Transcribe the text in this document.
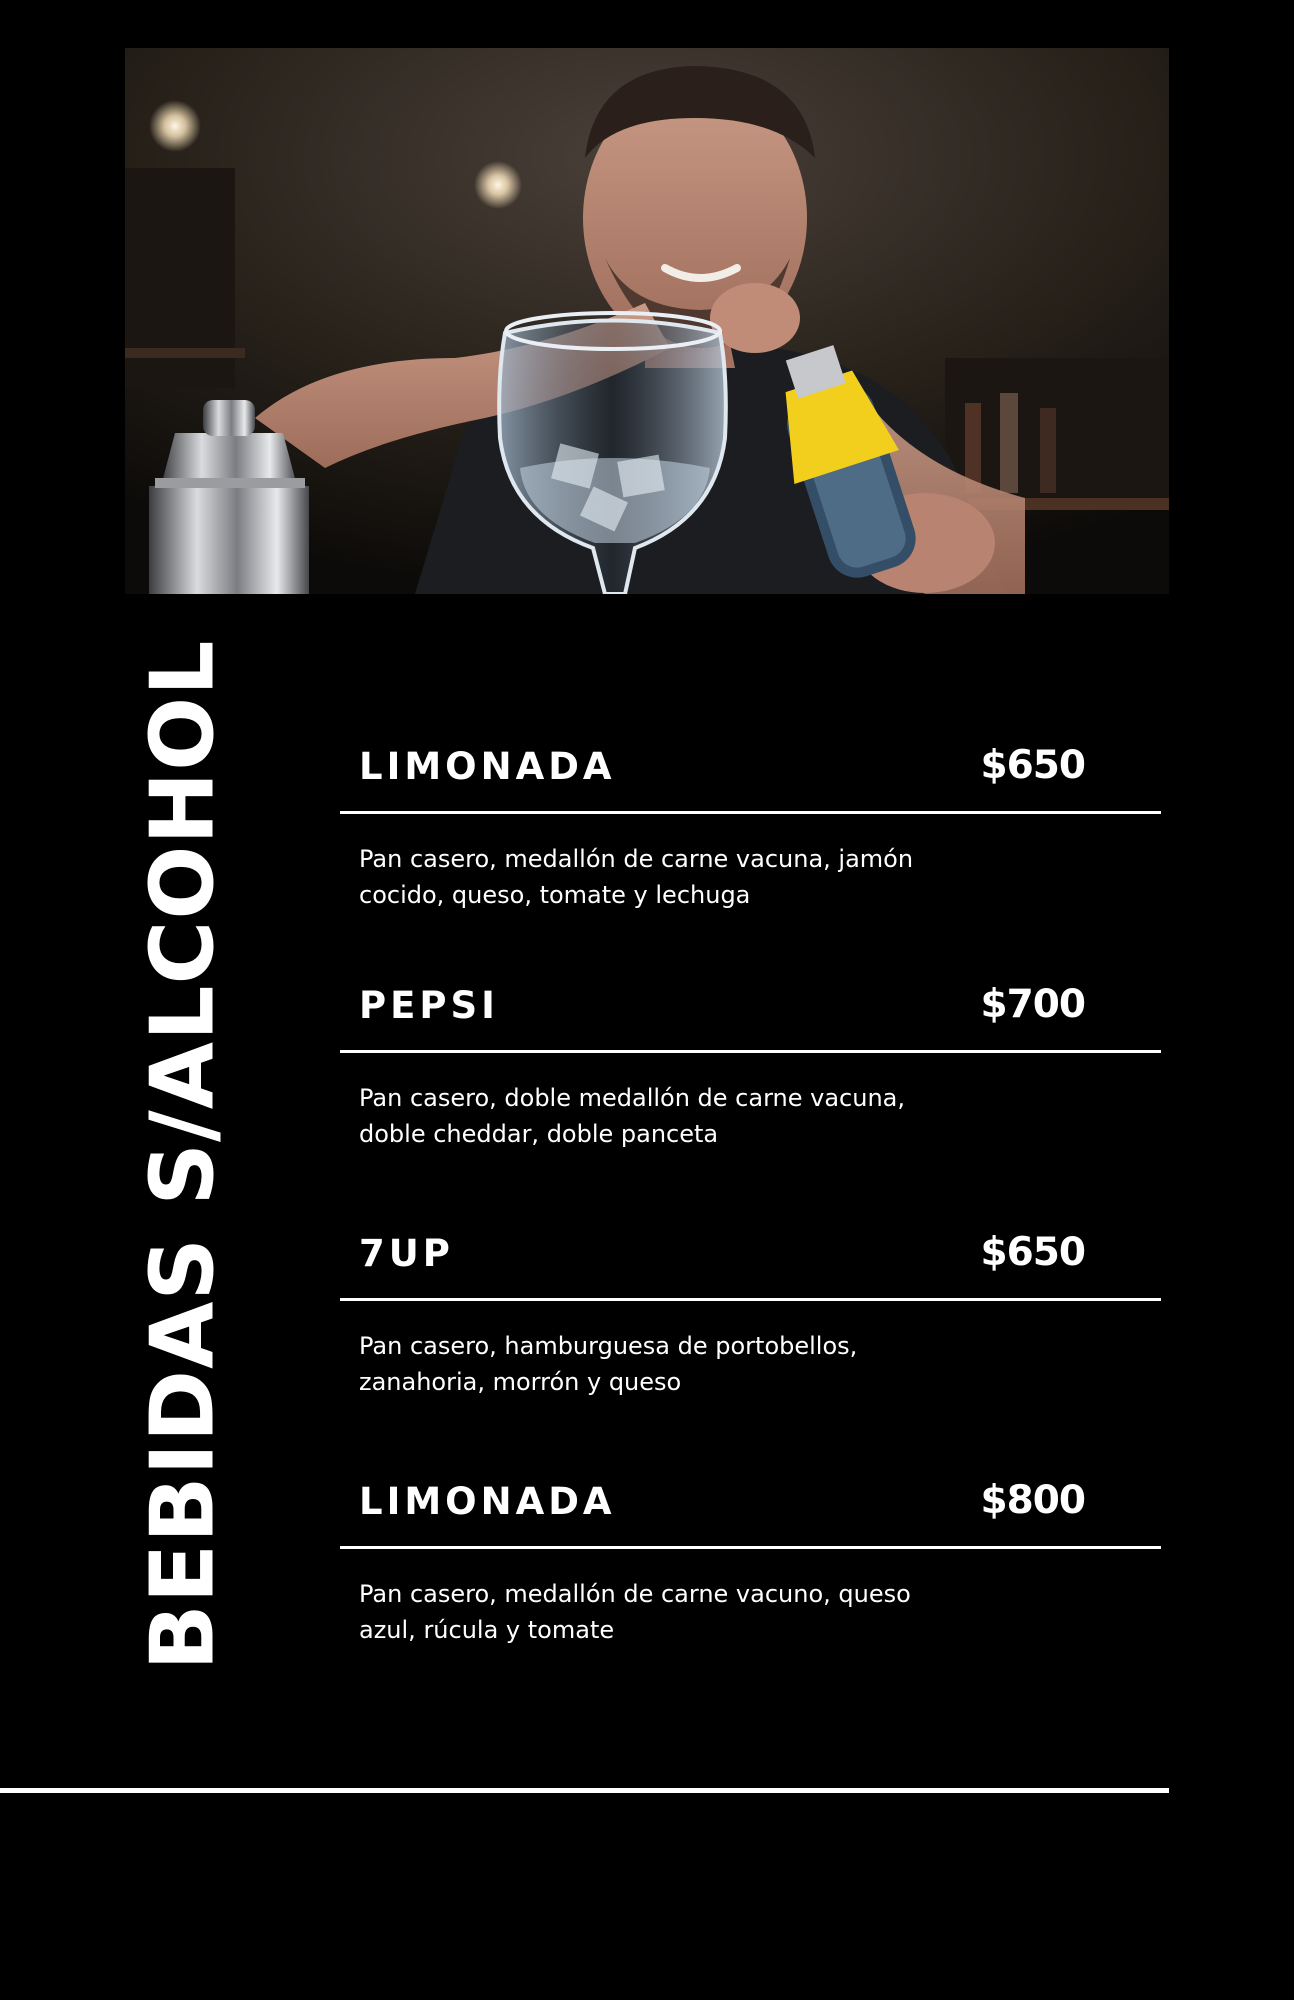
BEBIDAS S/ALCOHOL	LIMONADA	$650
Pan casero, medallón de carne vacuna, jamón cocido, queso, tomate y lechuga
PEPSI	$700
Pan casero, doble medallón de carne vacuna, doble cheddar, doble panceta
7UP	$650
Pan casero, hamburguesa de portobellos, zanahoria, morrón y queso
LIMONADA	$800
Pan casero, medallón de carne vacuno, queso azul, rúcula y tomate
